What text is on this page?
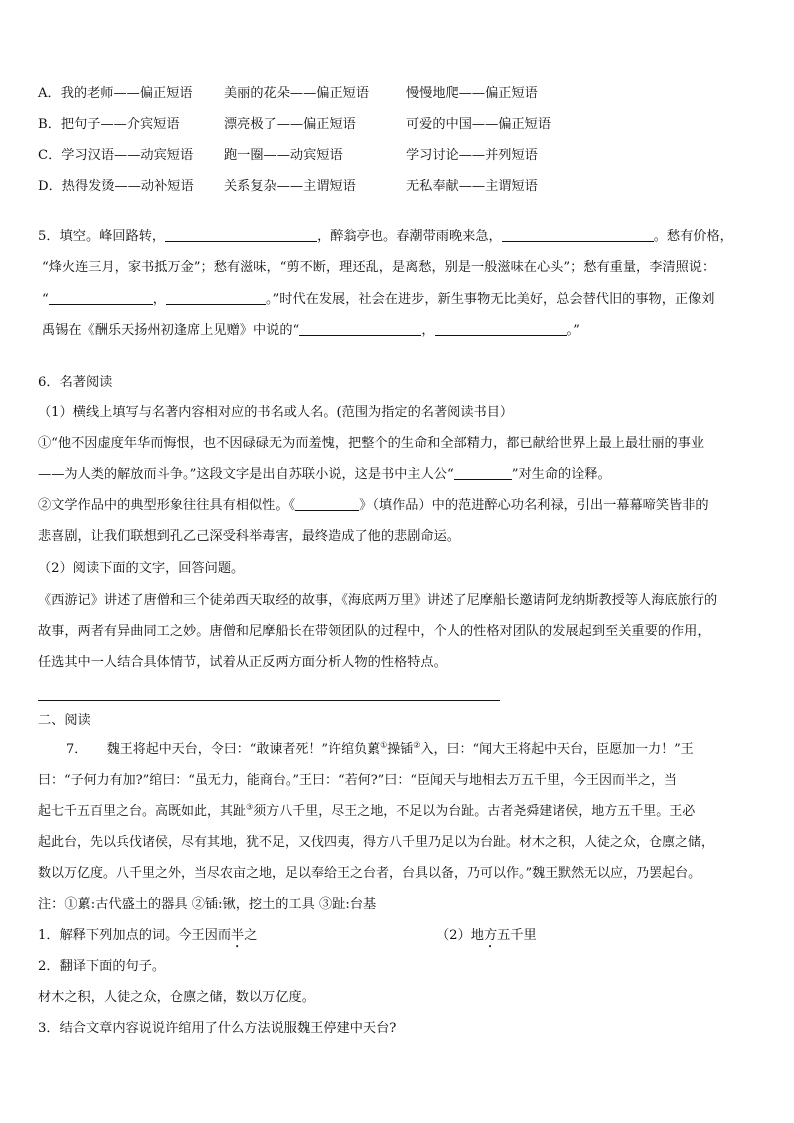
A．我的老师——偏正短语 美丽的花朵——偏正短语	慢慢地爬——偏正短语
B．把句子——介宾短语	漂亮极了——偏正短语	可爱的中国——偏正短语
C．学习汉语——动宾短语 跑一圈——动宾短语	学习讨论——并列短语
D．热得发烫——动补短语 关系复杂——主谓短语	无私奉献——主谓短语
5．填空。峰回路转，	，醉翁亭也。春潮带雨晚来急，	。愁有价格，
“烽火连三月，家书抵万金”；愁有滋味，“剪不断，理还乱，是离愁，别是一般滋味在心头”；愁有重量，李清照说：
“	，	。”时代在发展，社会在进步，新生事物无比美好，总会替代旧的事物，正像刘
禹锡在《酬乐天扬州初逢席上见赠》中说的“	，	。”
6．名著阅读
（1）横线上填写与名著内容相对应的书名或人名。(范围为指定的名著阅读书目）
①“他不因虚度年华而悔恨，也不因碌碌无为而羞愧，把整个的生命和全部精力，都已献给世界上最上最壮丽的事业
——为人类的解放而斗争。”这段文字是出自苏联小说，这是书中主人公“	”对生命的诠释。
②文学作品中的典型形象往往具有相似性。《	》（填作品）中的范进醉心功名利禄，引出一幕幕啼笑皆非的
悲喜剧，让我们联想到孔乙己深受科举毒害，最终造成了他的悲剧命运。
（2）阅读下面的文字，回答问题。
《西游记》讲述了唐僧和三个徒弟西天取经的故事，《海底两万里》讲述了尼摩船长邀请阿龙纳斯教授等人海底旅行的
故事，两者有异曲同工之妙。唐僧和尼摩船长在带领团队的过程中，个人的性格对团队的发展起到至关重要的作用，
任选其中一人结合具体情节，试着从正反两方面分析人物的性格特点。
二、阅读
7．　　魏王将起中天台，令曰：“敢谏者死！”许绾负蔂①操锸②入，曰：“闻大王将起中天台，臣愿加一力！”王
曰：“子何力有加?”绾曰：“虽无力，能商台。”王曰：“若何?”曰：“臣闻天与地相去万五千里，今王因而半之，当
起七千五百里之台。高既如此，其趾③须方八千里，尽王之地，不足以为台趾。古者尧舜建诸侯，地方五千里。王必
起此台，先以兵伐诸侯，尽有其地，犹不足，又伐四夷，得方八千里乃足以为台趾。材木之积，人徒之众，仓廪之储，
数以万亿度。八千里之外，当尽农亩之地，足以奉给王之台者，台具以备，乃可以作。”魏王默然无以应，乃罢起台。
注：①蔂:古代盛土的器具 ②锸:锹，挖土的工具 ③趾:台基
1．解释下列加点的词。今王因而半之	（2）地方五千里
2．翻译下面的句子。
材木之积，人徒之众，仓廪之储，数以万亿度。
3．结合文章内容说说许绾用了什么方法说服魏王停建中天台?
